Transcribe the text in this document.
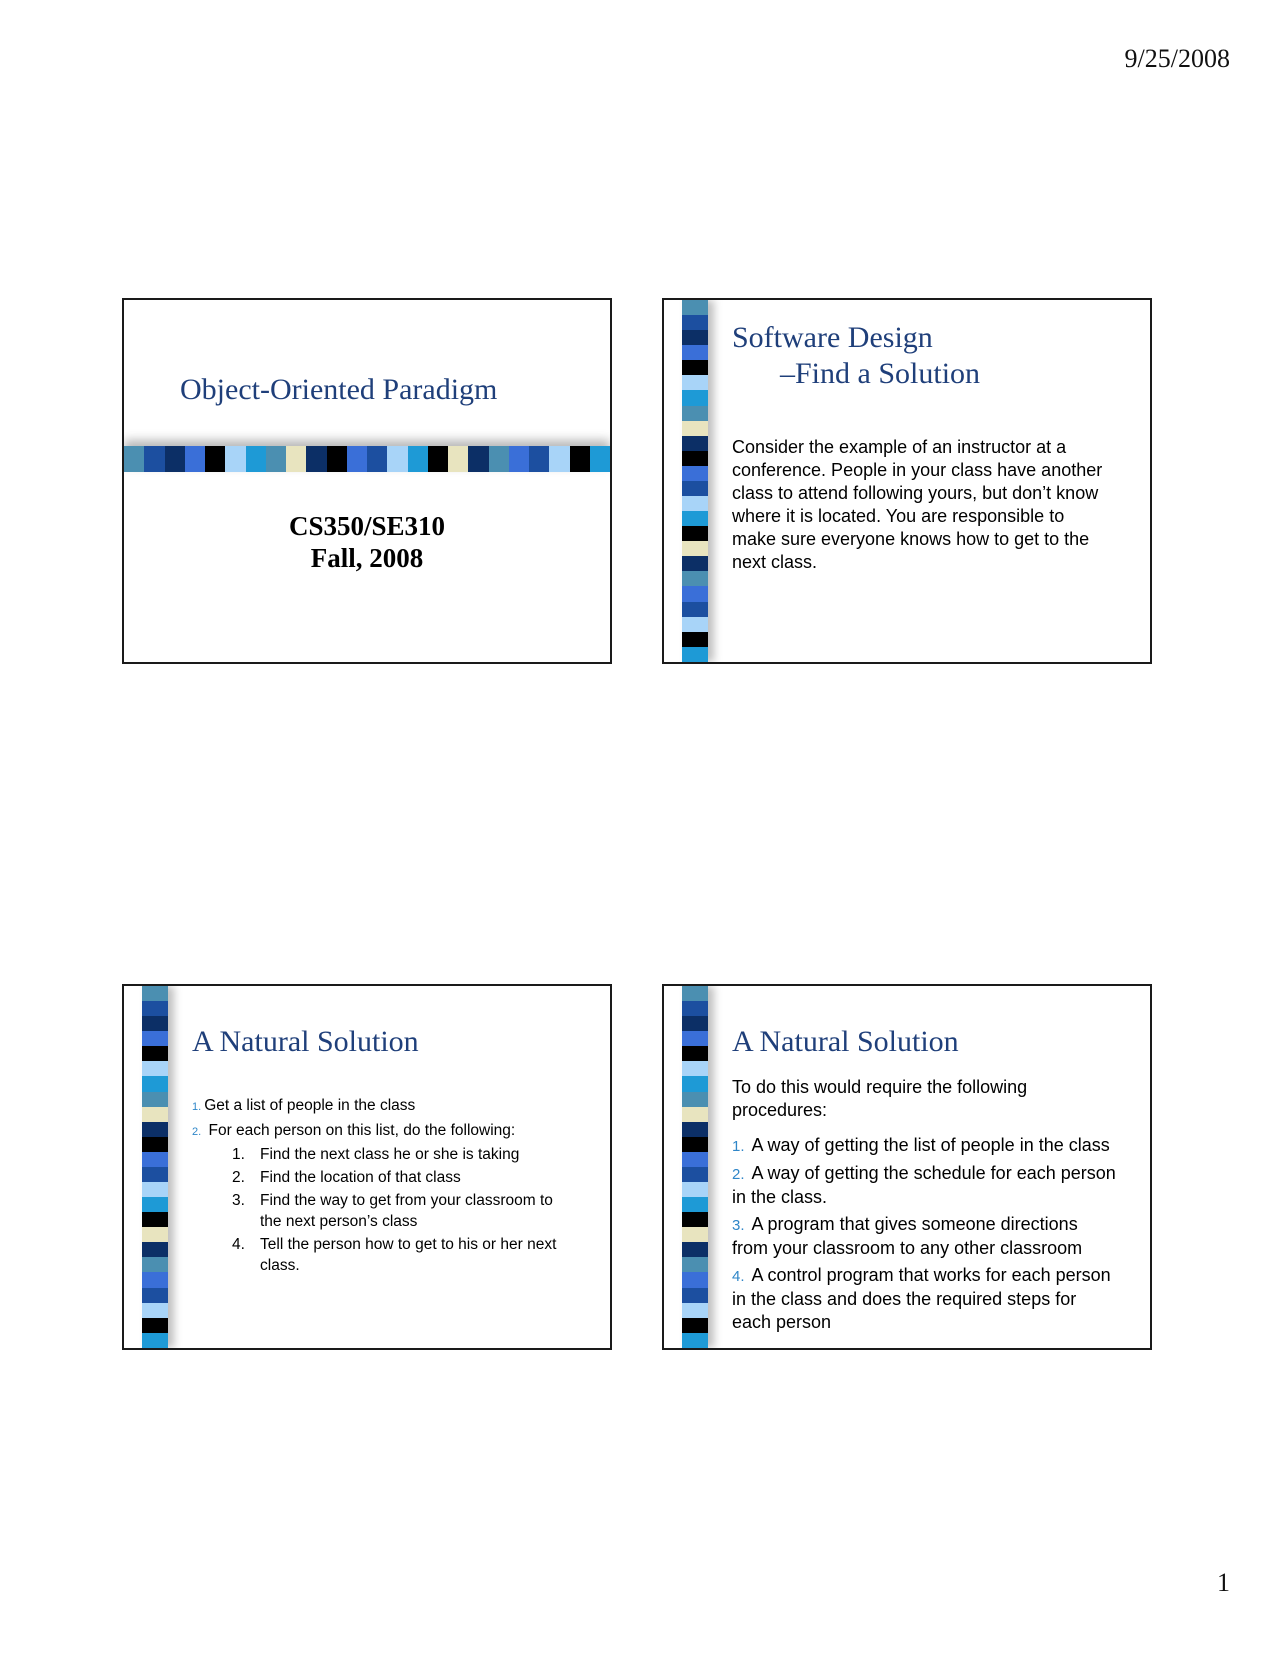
9/25/2008
Object-Oriented Paradigm
CS350/SE310
Fall, 2008
Software Design
–Find a Solution
Consider the example of an instructor at a
conference. People in your class have another
class to attend following yours, but don’t know
where it is located. You are responsible to
make sure everyone knows how to get to the
next class.
A Natural Solution
1. Get a list of people in the class
2. For each person on this list, do the following:
1. Find the next class he or she is taking
2. Find the location of that class
3. Find the way to get from your classroom to
the next person’s class
4. Tell the person how to get to his or her next
class.
A Natural Solution
To do this would require the following
procedures:
1. A way of getting the list of people in the class
2. A way of getting the schedule for each person
in the class.
3. A program that gives someone directions
from your classroom to any other classroom
4. A control program that works for each person
in the class and does the required steps for
each person
1
